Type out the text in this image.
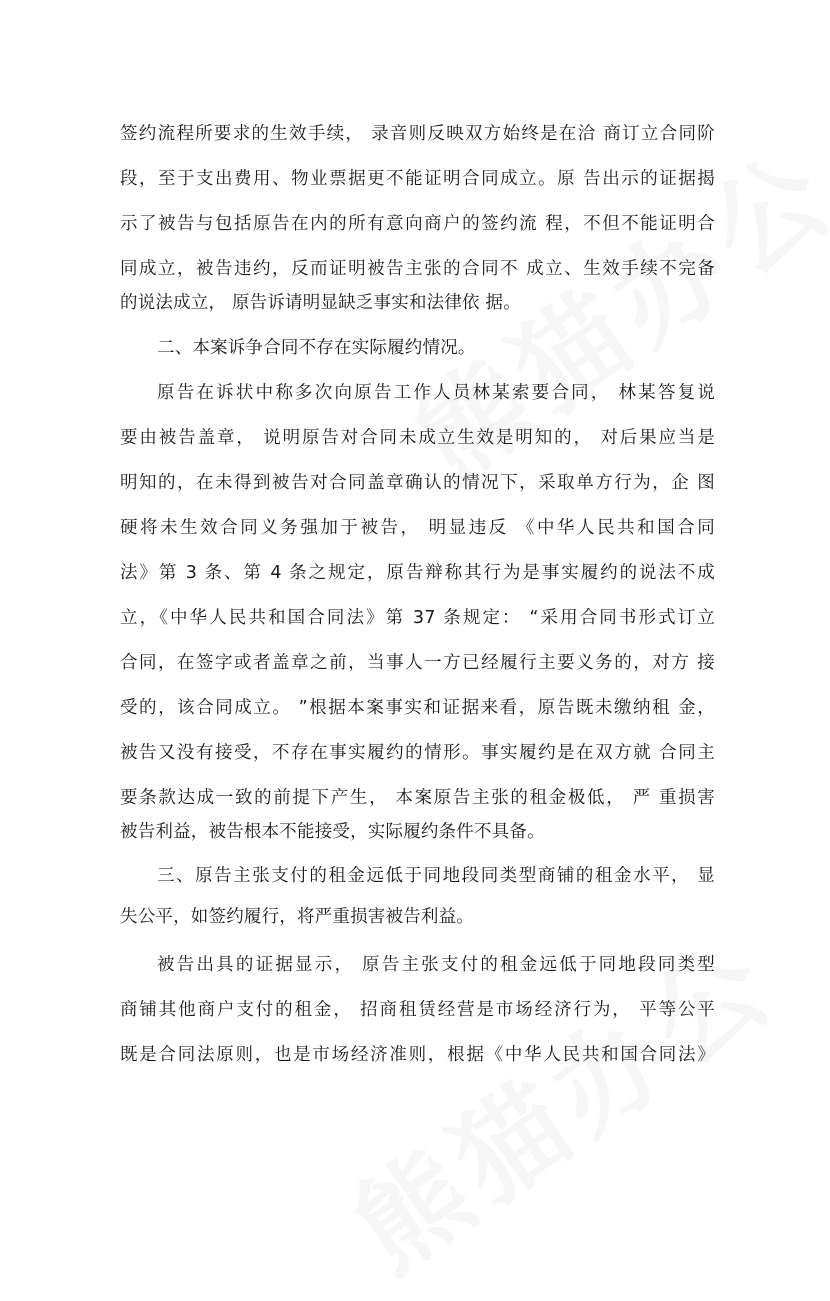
签约流程所要求的生效手续， 录音则反映双方始终是在洽 商订立合同阶
段，至于支出费用、物业票据更不能证明合同成立。原 告出示的证据揭
示了被告与包括原告在内的所有意向商户的签约流 程，不但不能证明合
同成立，被告违约，反而证明被告主张的合同不 成立、生效手续不完备
的说法成立， 原告诉请明显缺乏事实和法律依 据。
二、本案诉争合同不存在实际履约情况。
原告在诉状中称多次向原告工作人员林某索要合同， 林某答复说
要由被告盖章， 说明原告对合同未成立生效是明知的， 对后果应当是
明知的，在未得到被告对合同盖章确认的情况下，采取单方行为，企 图
硬将未生效合同义务强加于被告， 明显违反 《中华人民共和国合同
法》第 3 条、第 4 条之规定，原告辩称其行为是事实履约的说法不成
立，《中华人民共和国合同法》第 37 条规定： “采用合同书形式订立
合同，在签字或者盖章之前，当事人一方已经履行主要义务的，对方 接
受的，该合同成立。 ”根据本案事实和证据来看，原告既未缴纳租 金，
被告又没有接受，不存在事实履约的情形。事实履约是在双方就 合同主
要条款达成一致的前提下产生， 本案原告主张的租金极低， 严 重损害
被告利益，被告根本不能接受，实际履约条件不具备。
三、原告主张支付的租金远低于同地段同类型商铺的租金水平， 显
失公平，如签约履行，将严重损害被告利益。
被告出具的证据显示， 原告主张支付的租金远低于同地段同类型
商铺其他商户支付的租金， 招商租赁经营是市场经济行为， 平等公平
既是合同法原则，也是市场经济准则，根据《中华人民共和国合同法》
